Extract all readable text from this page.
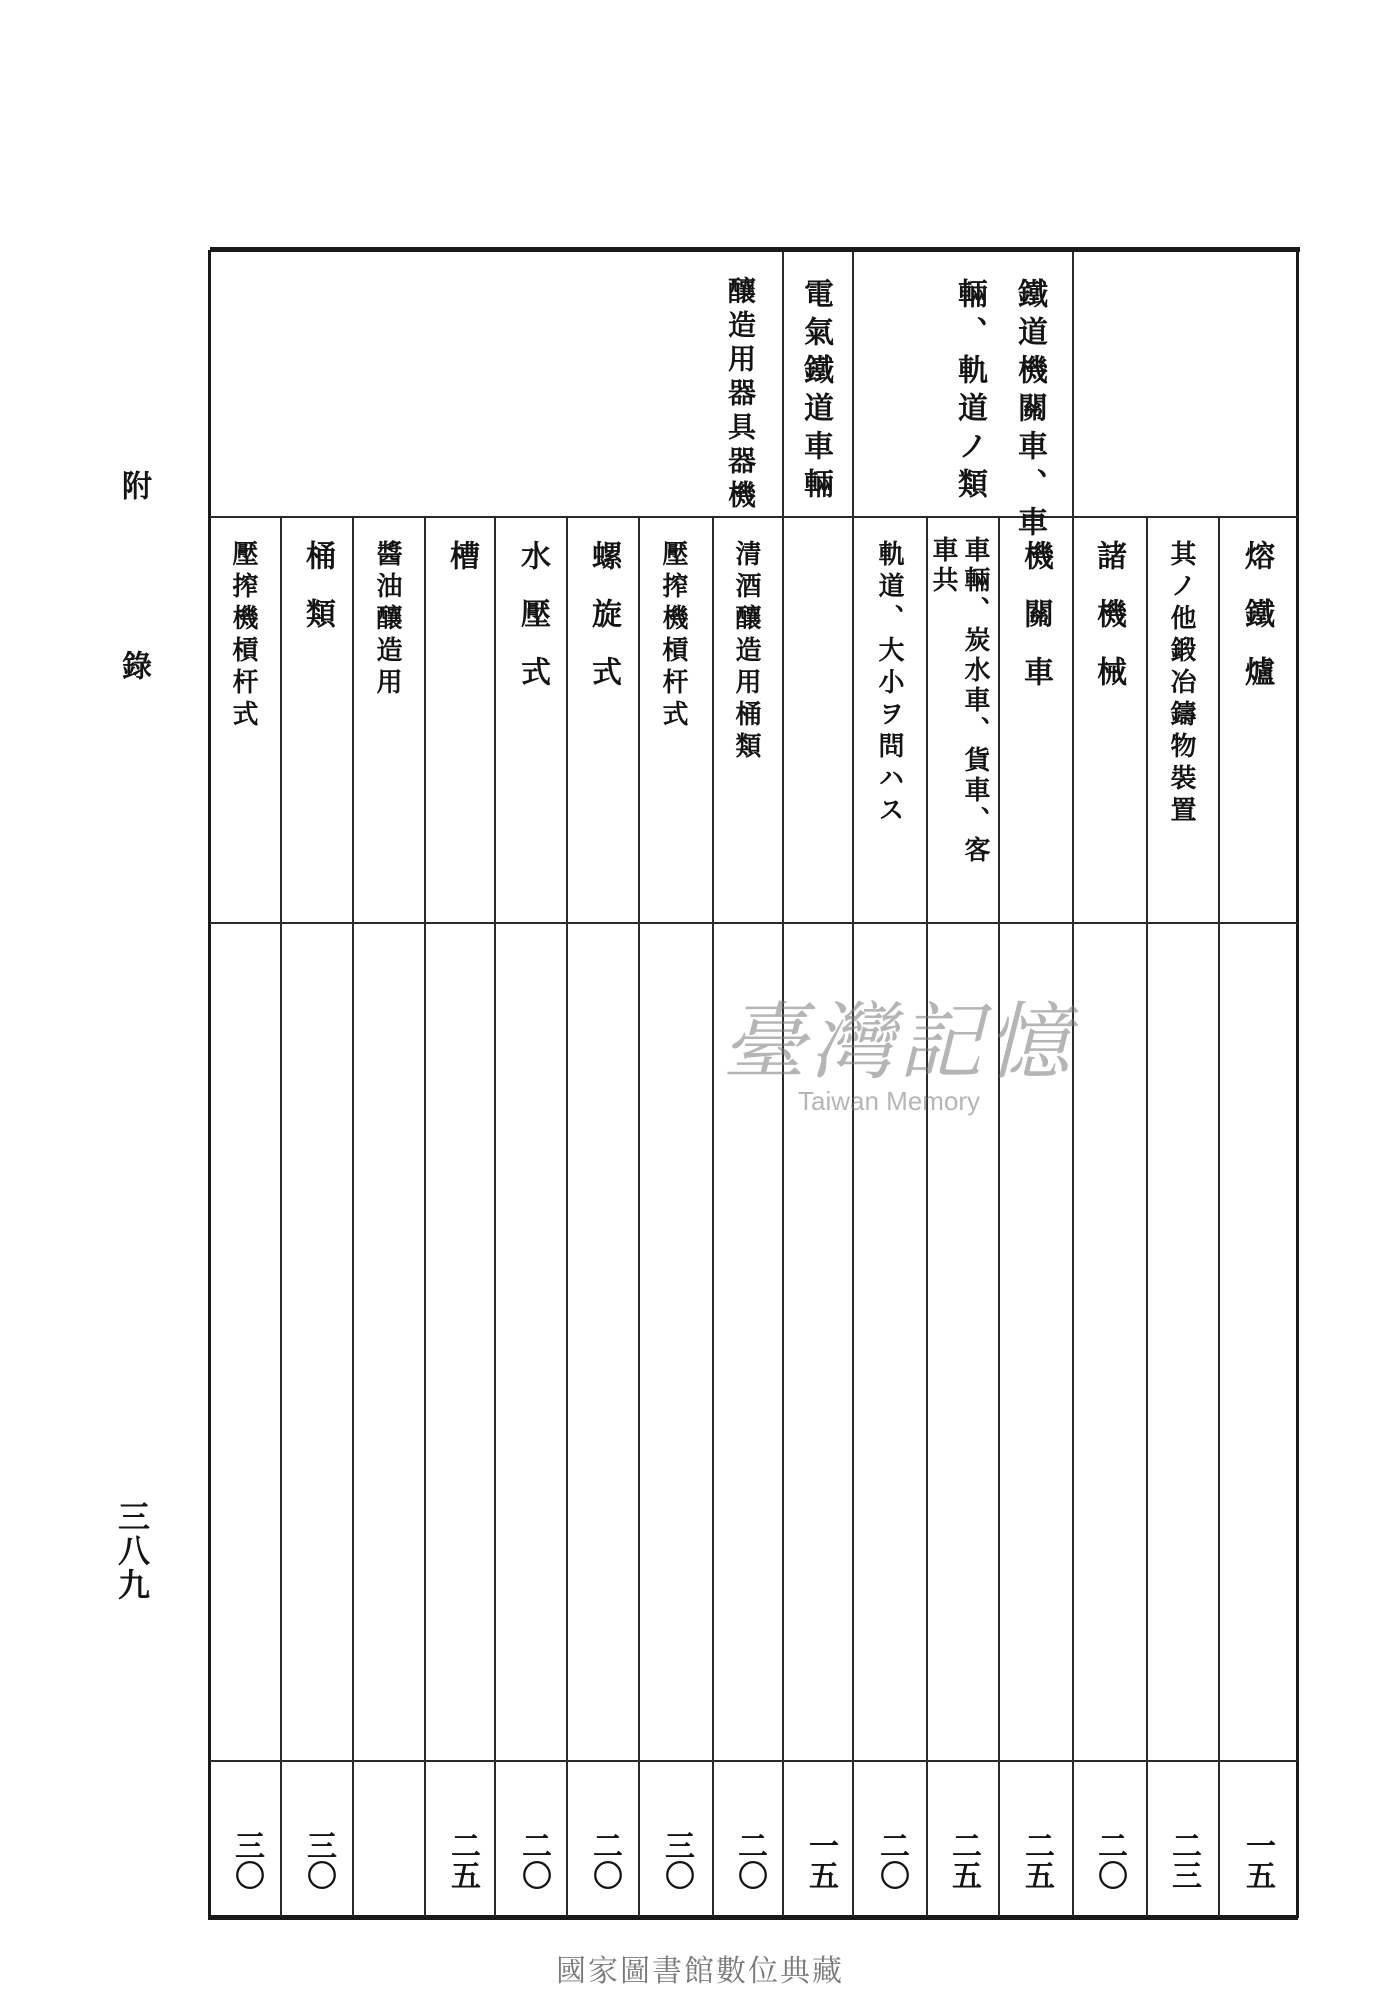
附錄
三八九
鐵道機關車、車
輛、軌道ノ類
電氣鐵道車輛
釀造用器具器機
熔鐵爐
其ノ他鍛冶鑄物裝置
諸機械
機關車
車輛、炭水車、貨車、客
車共
軌道、大小ヲ問ハス
清酒釀造用桶類
壓搾機槓杆式
螺旋式
水壓式
槽
醬油釀造用
桶類
壓搾機槓杆式
一五
二三
二〇
二五
二五
二〇
一五
二〇
三〇
二〇
二〇
二五
三〇
三〇
臺灣記憶
Taiwan Memory
國家圖書館數位典藏
